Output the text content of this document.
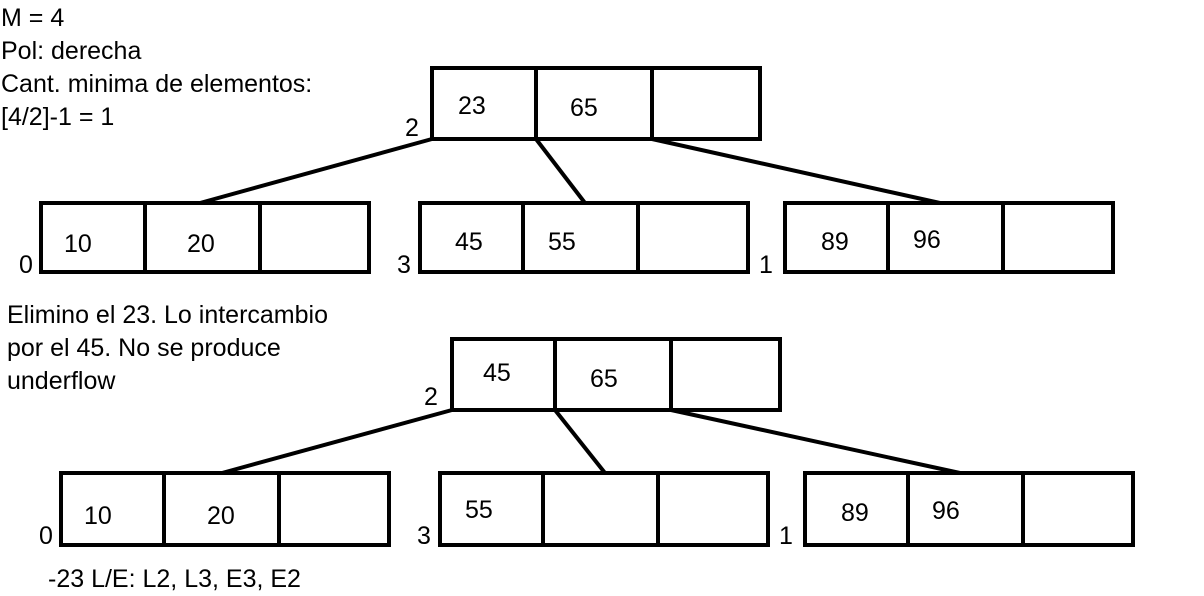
M = 4
Pol: derecha
Cant. minima de elementos:
[4/2]-1 = 1	2
0	3	1
23	65
10	20	45	55	89	96
Elimino el 23. Lo intercambio
por el 45. No se produce
underflow
2
0	3	1
45	65
10	20	55	89	96
-23 L/E: L2, L3, E3, E2
